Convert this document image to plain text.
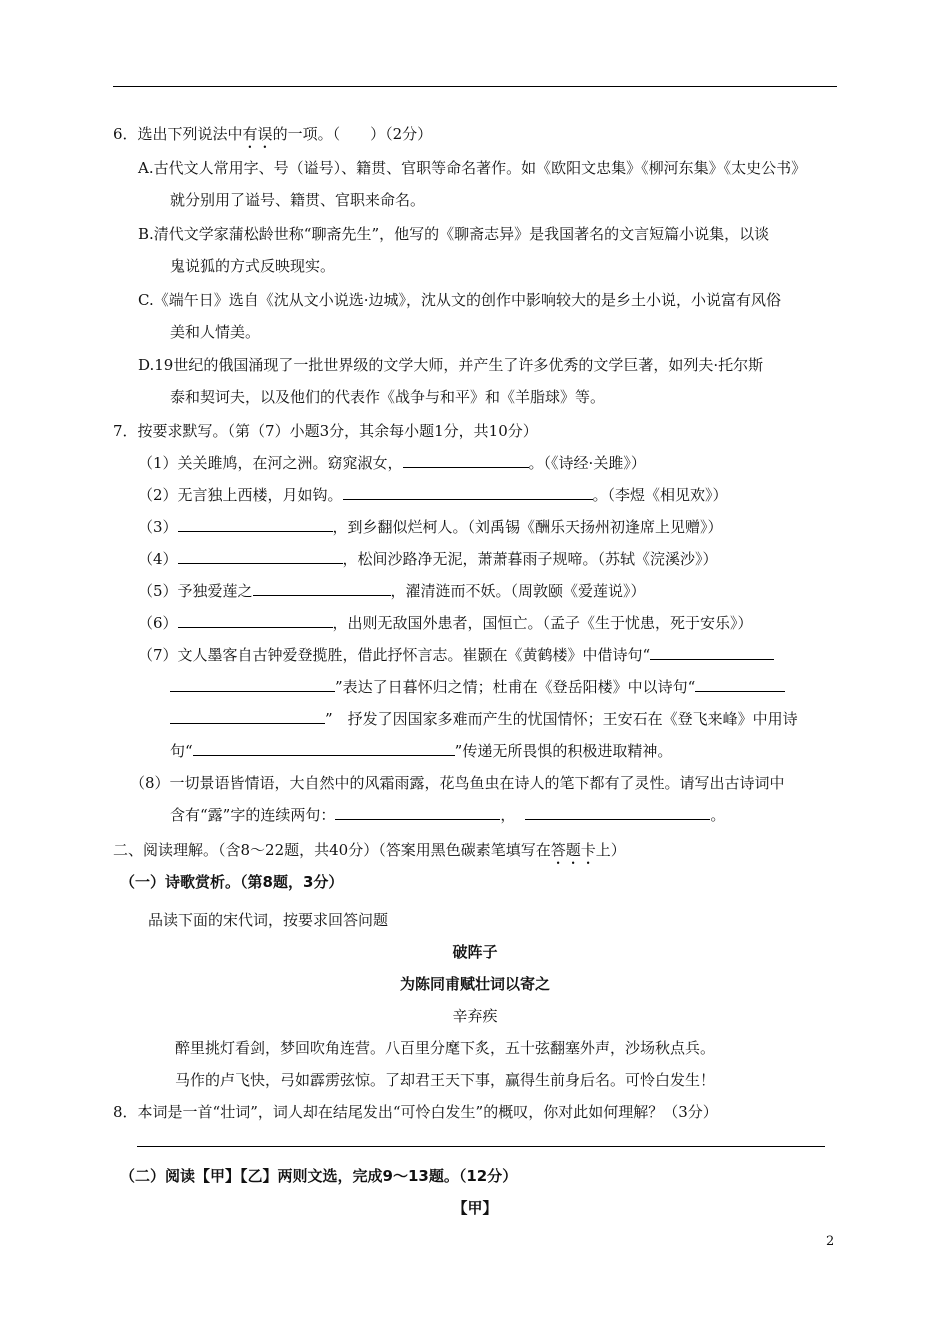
6．选出下列说法中有误的一项。（　　）（2分）
A.古代文人常用字、号（谥号）、籍贯、官职等命名著作。如《欧阳文忠集》《柳河东集》《太史公书》
就分别用了谥号、籍贯、官职来命名。
B.清代文学家蒲松龄世称“聊斋先生”，他写的《聊斋志异》是我国著名的文言短篇小说集，以谈
鬼说狐的方式反映现实。
C.《端午日》选自《沈从文小说选·边城》，沈从文的创作中影响较大的是乡土小说，小说富有风俗
美和人情美。
D.19世纪的俄国涌现了一批世界级的文学大师，并产生了许多优秀的文学巨著，如列夫·托尔斯
泰和契诃夫，以及他们的代表作《战争与和平》和《羊脂球》等。
7．按要求默写。（第（7）小题3分，其余每小题1分，共10分）
（1）关关雎鸠，在河之洲。窈窕淑女，	。（《诗经·关雎》）
（2）无言独上西楼，月如钩。	。（李煜《相见欢》）
（3）	，到乡翻似烂柯人。（刘禹锡《酬乐天扬州初逢席上见赠》）
（4）	，松间沙路净无泥，萧萧暮雨子规啼。（苏轼《浣溪沙》）
（5）予独爱莲之	，濯清涟而不妖。（周敦颐《爱莲说》）
（6）	，出则无敌国外患者，国恒亡。（孟子《生于忧患，死于安乐》）
（7）文人墨客自古钟爱登揽胜，借此抒怀言志。崔颢在《黄鹤楼》中借诗句“
”表达了日暮怀归之情；杜甫在《登岳阳楼》中以诗句“
”　抒发了因国家多难而产生的忧国情怀；王安石在《登飞来峰》中用诗
句“	”传递无所畏惧的积极进取精神。
（8）一切景语皆情语，大自然中的风霜雨露，花鸟鱼虫在诗人的笔下都有了灵性。请写出古诗词中
含有“露”字的连续两句：	，	。
二、阅读理解。（含8～22题，共40分）（答案用黑色碳素笔填写在答题卡上）
（一）诗歌赏析。（第8题，3分）
品读下面的宋代词，按要求回答问题
破阵子
为陈同甫赋壮词以寄之
辛弃疾
醉里挑灯看剑，梦回吹角连营。八百里分麾下炙，五十弦翻塞外声，沙场秋点兵。
马作的卢飞快，弓如霹雳弦惊。了却君王天下事，赢得生前身后名。可怜白发生！
8．本词是一首“壮词”，词人却在结尾发出“可怜白发生”的概叹，你对此如何理解？（3分）
（二）阅读【甲】【乙】两则文选，完成9～13题。（12分）
【甲】
2
